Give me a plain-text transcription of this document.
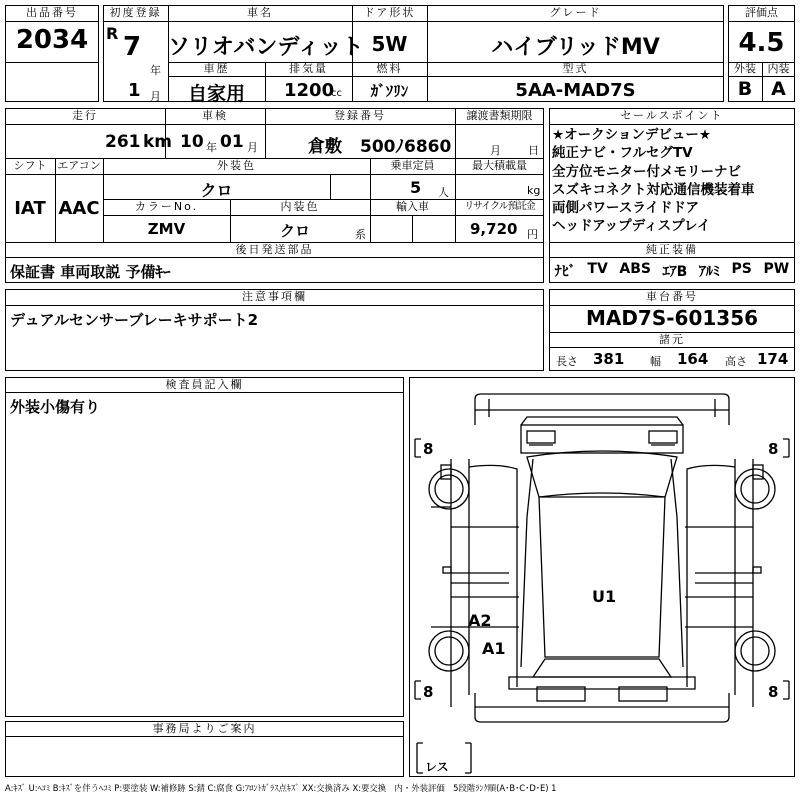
出品番号
2034
初度登録
R 7
年
1 月
車名
ソリオバンディット
ドア形状
5W
グレード
ハイブリッドMV
車歴
自家用
排気量
1200
cc
燃料
ｶﾞｿﾘﾝ
型式
5AA-MAD7S
評価点
4.5
外装	内装
B A
走行
261 km
車検
10 年 01 月
登録番号
倉敷 500ﾉ6860
譲渡書類期限
月 日
シフト
IAT
エアコン
AAC
外装色
クロ
乗車定員
5 人
最大積載量
kg
カラーNo.
ZMV
内装色
クロ	系
輸入車	リサイクル預託金
9,720 円
後日発送部品
保証書 車両取説 予備ｷｰ
セールスポイント
★オークションデビュー★
純正ナビ・フルセグTV
全方位モニター付メモリーナビ
スズキコネクト対応通信機装着車
両側パワースライドドア
ヘッドアップディスプレイ
純正装備
ﾅﾋﾞ TV ABS ｴｱB ｱﾙﾐ PS PW
注意事項欄
デュアルセンサーブレーキサポート2
車台番号
MAD7S-601356
諸元
長さ 381 幅 164 高さ 174
検査員記入欄
外装小傷有り
事務局よりご案内
8	8
8	8
レス
U1
A2
A1
A:ｷｽﾞ U:ﾍｺﾐ B:ｷｽﾞを伴うﾍｺﾐ P:要塗装 W:補修跡 S:錆 C:腐食 G:ﾌﾛﾝﾄｶﾞﾗｽ点ｷｽﾞ XX:交換済み X:要交換　内・外装評価　5段階ﾗﾝｸ順(A･B･C･D･E) 1
